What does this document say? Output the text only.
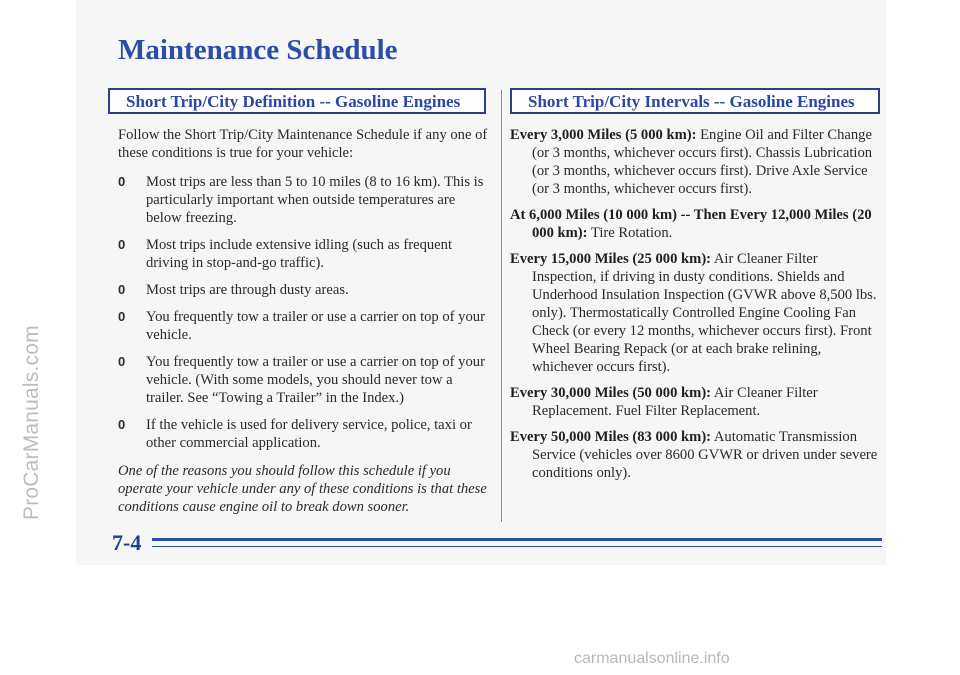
ProCarManuals.com
Maintenance Schedule
Short Trip/City Definition -- Gasoline Engines	Short Trip/City Intervals -- Gasoline Engines

Follow the Short Trip/City Maintenance Schedule if any one of these conditions is true for your vehicle:

0 Most trips are less than 5 to 10 miles (8 to 16 km). This is particularly important when outside temperatures are below freezing.
0 Most trips include extensive idling (such as frequent driving in stop-and-go traffic).
0 Most trips are through dusty areas.
0 You frequently tow a trailer or use a carrier on top of your vehicle.
0 You frequently tow a trailer or use a carrier on top of your vehicle. (With some models, you should never tow a trailer. See “Towing a Trailer” in the Index.)
0 If the vehicle is used for delivery service, police, taxi or other commercial application.

One of the reasons you should follow this schedule if you operate your vehicle under any of these conditions is that these conditions cause engine oil to break down sooner.

Every 3,000 Miles (5 000 km): Engine Oil and Filter Change (or 3 months, whichever occurs first). Chassis Lubrication (or 3 months, whichever occurs first). Drive Axle Service (or 3 months, whichever occurs first).

At 6,000 Miles (10 000 km) -- Then Every 12,000 Miles (20 000 km): Tire Rotation.

Every 15,000 Miles (25 000 km): Air Cleaner Filter Inspection, if driving in dusty conditions. Shields and Underhood Insulation Inspection (GVWR above 8,500 lbs. only). Thermostatically Controlled Engine Cooling Fan Check (or every 12 months, whichever occurs first). Front Wheel Bearing Repack (or at each brake relining, whichever occurs first).

Every 30,000 Miles (50 000 km): Air Cleaner Filter Replacement. Fuel Filter Replacement.

Every 50,000 Miles (83 000 km): Automatic Transmission Service (vehicles over 8600 GVWR or driven under severe conditions only).

7-4

carmanualsonline.info
